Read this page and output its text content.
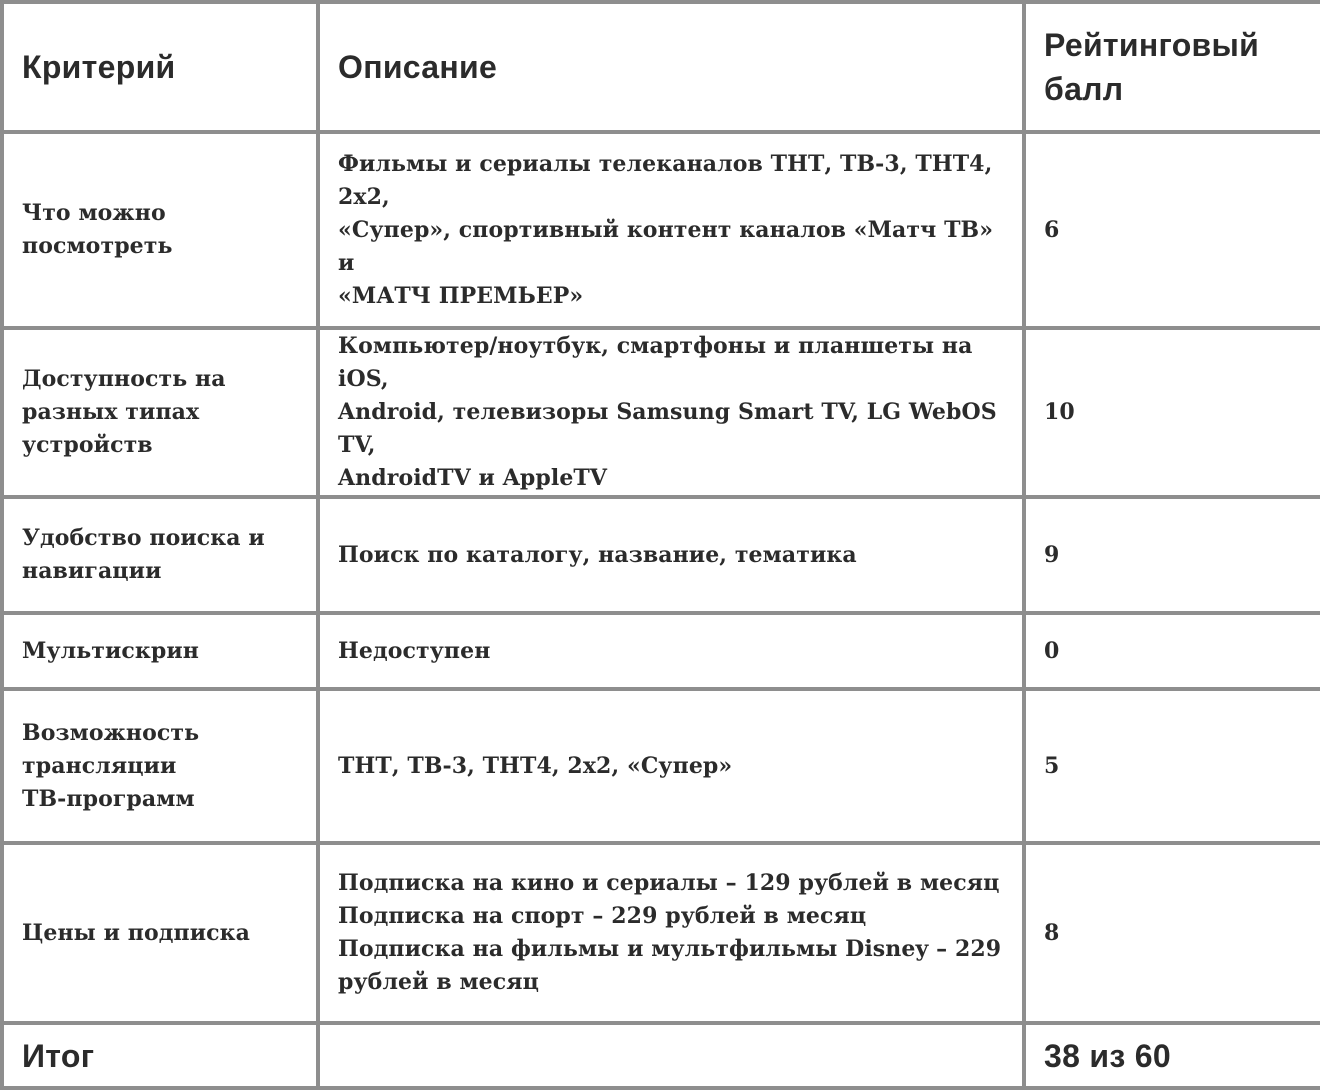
Критерий	Описание	Рейтинговый
балл

Что можно
посмотреть	Фильмы и сериалы телеканалов ТНТ, ТВ-3, ТНТ4, 2х2,
«Супер», спортивный контент каналов «Матч ТВ» и
«МАТЧ ПРЕМЬЕР»	6

Доступность на
разных типах
устройств	Компьютер/ноутбук, смартфоны и планшеты на iOS,
Android, телевизоры Samsung Smart TV, LG WebOS TV,
AndroidTV и AppleTV	10

Удобство поиска и
навигации	Поиск по каталогу, название, тематика	9

Мультискрин	Недоступен	0

Возможность
трансляции
ТВ-программ	ТНТ, ТВ-3, ТНТ4, 2х2, «Супер»	5

Цены и подписка	Подписка на кино и сериалы – 129 рублей в месяц
Подписка на спорт – 229 рублей в месяц
Подписка на фильмы и мультфильмы Disney – 229
рублей в месяц	8
Итог		38 из 60
